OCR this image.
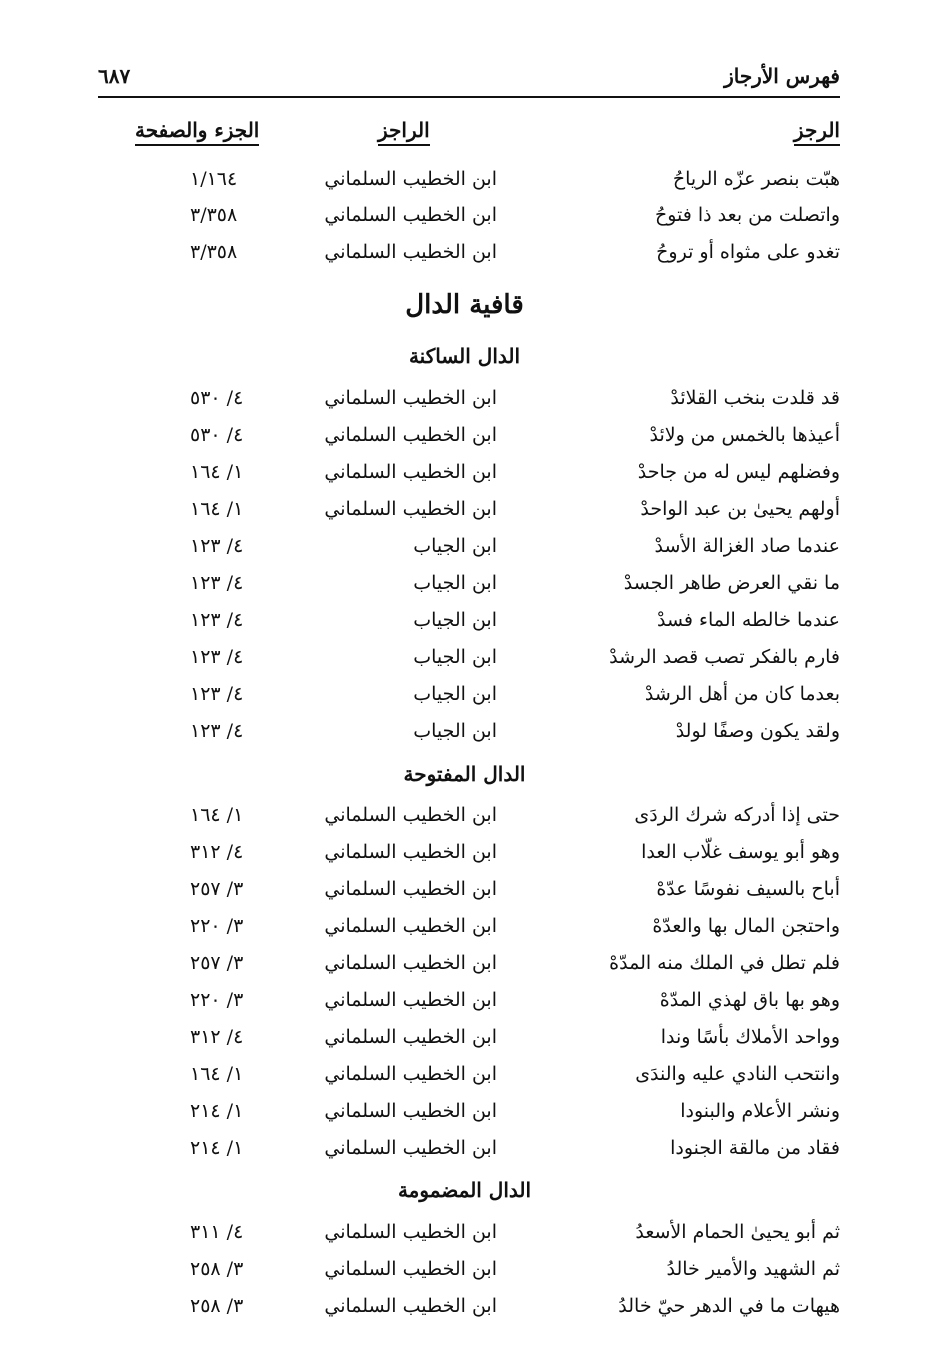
فهرس الأرجاز
٦٨٧
الرجز
الراجز
الجزء والصفحة
هبّت بنصر عزّه الرياحُ
ابن الخطيب السلماني
١/١٦٤
واتصلت من بعد ذا فتوحُ
ابن الخطيب السلماني
٣/٣٥٨
تغدو على مثواه أو تروحُ
ابن الخطيب السلماني
٣/٣٥٨
قافية الدال
الدال الساكنة
قد قلدت بنخب القلائدْ
ابن الخطيب السلماني
٤/ ٥٣٠
أعيذها بالخمس من ولائدْ
ابن الخطيب السلماني
٤/ ٥٣٠
وفضلهم ليس له من جاحدْ
ابن الخطيب السلماني
١/ ١٦٤
أولهم يحيىٰ بن عبد الواحدْ
ابن الخطيب السلماني
١/ ١٦٤
عندما صاد الغزالة الأسدْ
ابن الجياب
٤/ ١٢٣
ما نقي العرض طاهر الجسدْ
ابن الجياب
٤/ ١٢٣
عندما خالطه الماء فسدْ
ابن الجياب
٤/ ١٢٣
فارم بالفكر تصب قصد الرشدْ
ابن الجياب
٤/ ١٢٣
بعدما كان من أهل الرشدْ
ابن الجياب
٤/ ١٢٣
ولقد يكون وصفًا لولدْ
ابن الجياب
٤/ ١٢٣
الدال المفتوحة
حتى إذا أدركه شرك الردَى
ابن الخطيب السلماني
١/ ١٦٤
وهو أبو يوسف غلّاب العدا
ابن الخطيب السلماني
٤/ ٣١٢
أباح بالسيف نفوسًا عدّهْ
ابن الخطيب السلماني
٣/ ٢٥٧
واحتجن المال بها والعدّهْ
ابن الخطيب السلماني
٣/ ٢٢٠
فلم تطل في الملك منه المدّهْ
ابن الخطيب السلماني
٣/ ٢٥٧
وهو بها باق لهذي المدّهْ
ابن الخطيب السلماني
٣/ ٢٢٠
وواحد الأملاك بأسًا وندا
ابن الخطيب السلماني
٤/ ٣١٢
وانتحب النادي عليه والندَى
ابن الخطيب السلماني
١/ ١٦٤
ونشر الأعلام والبنودا
ابن الخطيب السلماني
١/ ٢١٤
فقاد من مالقة الجنودا
ابن الخطيب السلماني
١/ ٢١٤
الدال المضمومة
ثم أبو يحيىٰ الحمام الأسعدُ
ابن الخطيب السلماني
٤/ ٣١١
ثم الشهيد والأمير خالدُ
ابن الخطيب السلماني
٣/ ٢٥٨
هيهات ما في الدهر حيّ خالدُ
ابن الخطيب السلماني
٣/ ٢٥٨
